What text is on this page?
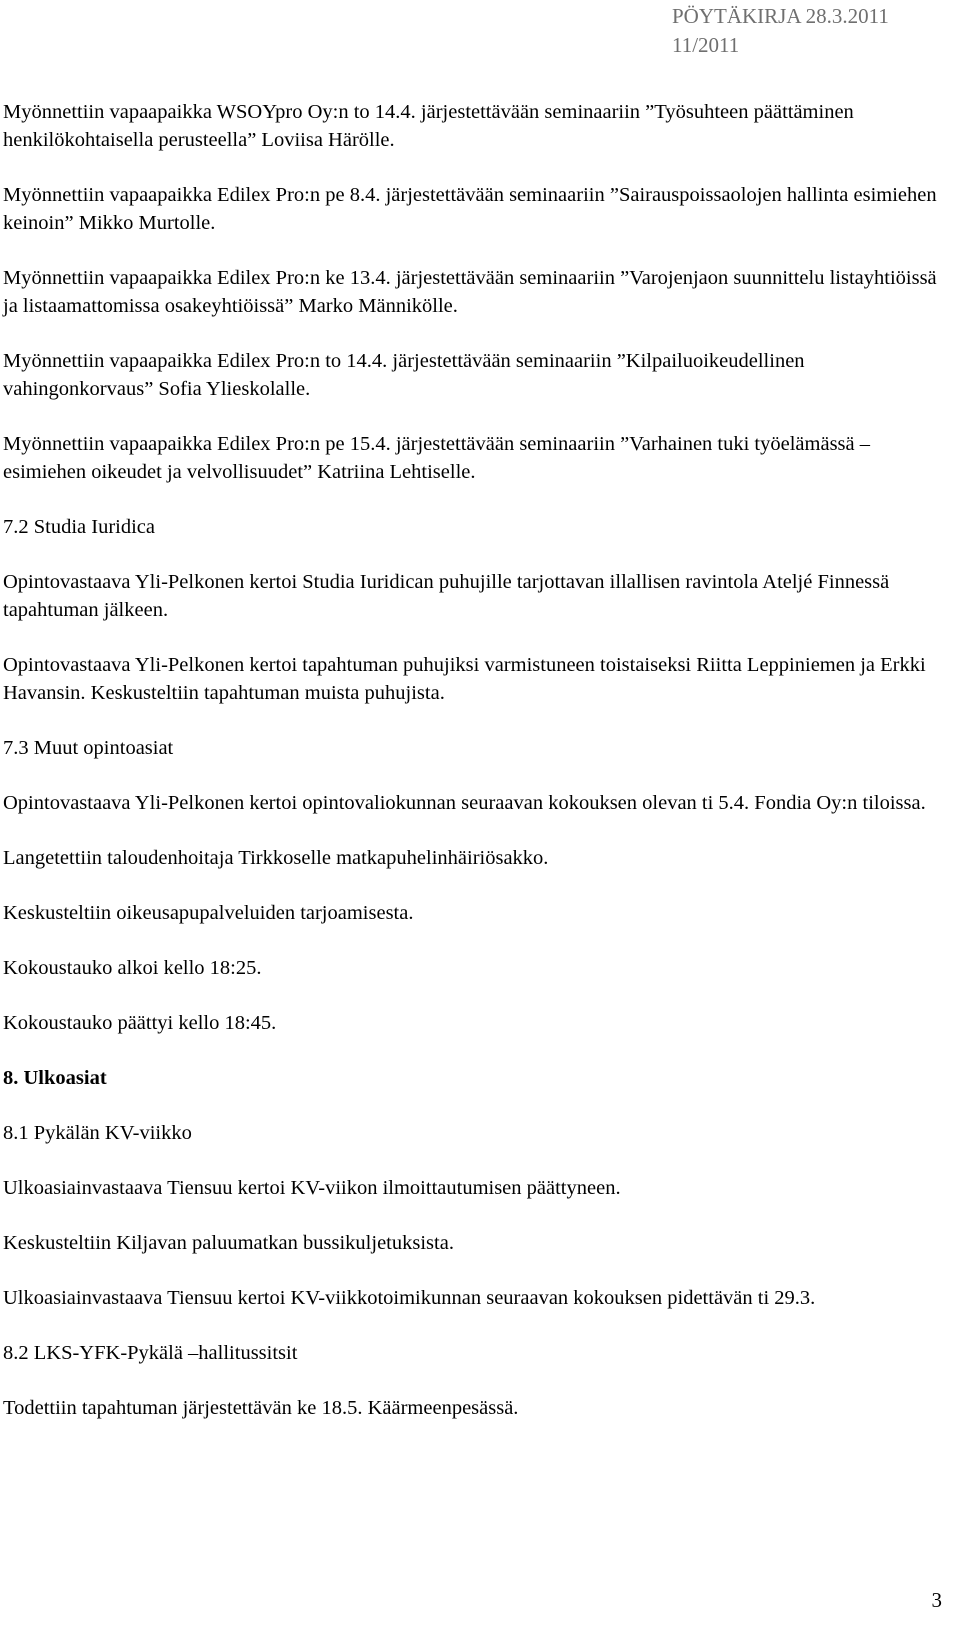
PÖYTÄKIRJA 28.3.2011
11/2011

Myönnettiin vapaapaikka WSOYpro Oy:n to 14.4. järjestettävään seminaariin ”Työsuhteen päättäminen henkilökohtaisella perusteella” Loviisa Härölle.

Myönnettiin vapaapaikka Edilex Pro:n pe 8.4. järjestettävään seminaariin ”Sairauspoissaolojen hallinta esimiehen keinoin” Mikko Murtolle.

Myönnettiin vapaapaikka Edilex Pro:n ke 13.4. järjestettävään seminaariin ”Varojenjaon suunnittelu listayhtiöissä ja listaamattomissa osakeyhtiöissä” Marko Männikölle.

Myönnettiin vapaapaikka Edilex Pro:n to 14.4. järjestettävään seminaariin ”Kilpailuoikeudellinen vahingonkorvaus” Sofia Ylieskolalle.

Myönnettiin vapaapaikka Edilex Pro:n pe 15.4. järjestettävään seminaariin ”Varhainen tuki työelämässä – esimiehen oikeudet ja velvollisuudet” Katriina Lehtiselle.

7.2 Studia Iuridica

Opintovastaava Yli-Pelkonen kertoi Studia Iuridican puhujille tarjottavan illallisen ravintola Ateljé Finnessä tapahtuman jälkeen.

Opintovastaava Yli-Pelkonen kertoi tapahtuman puhujiksi varmistuneen toistaiseksi Riitta Leppiniemen ja Erkki Havansin. Keskusteltiin tapahtuman muista puhujista.

7.3 Muut opintoasiat

Opintovastaava Yli-Pelkonen kertoi opintovaliokunnan seuraavan kokouksen olevan ti 5.4. Fondia Oy:n tiloissa.

Langetettiin taloudenhoitaja Tirkkoselle matkapuhelinhäiriösakko.

Keskusteltiin oikeusapupalveluiden tarjoamisesta.

Kokoustauko alkoi kello 18:25.

Kokoustauko päättyi kello 18:45.

8. Ulkoasiat

8.1 Pykälän KV-viikko

Ulkoasiainvastaava Tiensuu kertoi KV-viikon ilmoittautumisen päättyneen.

Keskusteltiin Kiljavan paluumatkan bussikuljetuksista.

Ulkoasiainvastaava Tiensuu kertoi KV-viikkotoimikunnan seuraavan kokouksen pidettävän ti 29.3.

8.2 LKS-YFK-Pykälä –hallitussitsit

Todettiin tapahtuman järjestettävän ke 18.5. Käärmeenpesässä.

3
